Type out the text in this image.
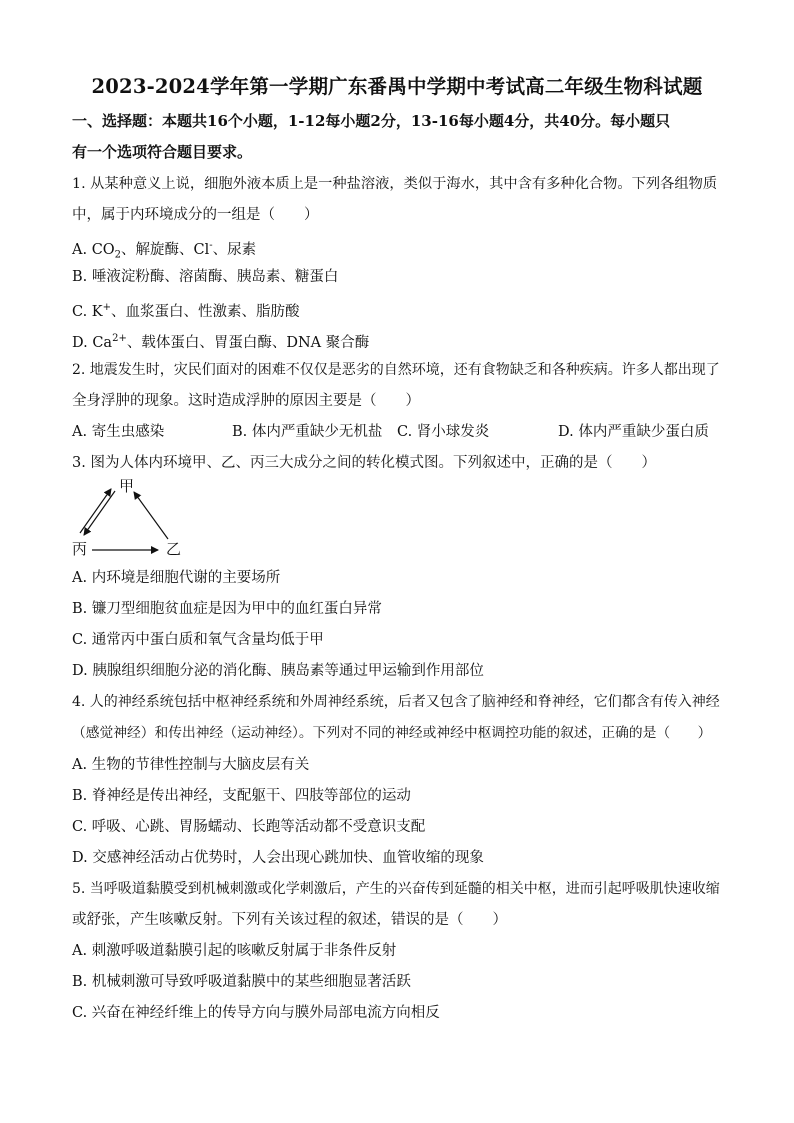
2023-2024学年第一学期广东番禺中学期中考试高二年级生物科试题
一、选择题：本题共16个小题，1-12每小题2分，13-16每小题4分，共40分。每小题只
有一个选项符合题目要求。
1. 从某种意义上说，细胞外液本质上是一种盐溶液，类似于海水，其中含有多种化合物。下列各组物质
中，属于内环境成分的一组是（　　）
A. $CO_2$、解旋酶、Cl-、尿素
B. 唾液淀粉酶、溶菌酶、胰岛素、糖蛋白
C. K+、血浆蛋白、性激素、脂肪酸
D. $Ca^{2+}$、载体蛋白、胃蛋白酶、DNA 聚合酶
2. 地震发生时，灾民们面对的困难不仅仅是恶劣的自然环境，还有食物缺乏和各种疾病。许多人都出现了
全身浮肿的现象。这时造成浮肿的原因主要是（　　）
A. 寄生虫感染	B. 体内严重缺少无机盐 C. 肾小球发炎	D. 体内严重缺少蛋白质
3. 图为人体内环境甲、乙、丙三大成分之间的转化模式图。下列叙述中，正确的是（　　）
甲
丙	乙
A. 内环境是细胞代谢的主要场所
B. 镰刀型细胞贫血症是因为甲中的血红蛋白异常
C. 通常丙中蛋白质和氧气含量均低于甲
D. 胰腺组织细胞分泌的消化酶、胰岛素等通过甲运输到作用部位
4. 人的神经系统包括中枢神经系统和外周神经系统，后者又包含了脑神经和脊神经，它们都含有传入神经
（感觉神经）和传出神经（运动神经）。下列对不同的神经或神经中枢调控功能的叙述，正确的是（　　）
A. 生物的节律性控制与大脑皮层有关
B. 脊神经是传出神经，支配躯干、四肢等部位的运动
C. 呼吸、心跳、胃肠蠕动、长跑等活动都不受意识支配
D. 交感神经活动占优势时，人会出现心跳加快、血管收缩的现象
5. 当呼吸道黏膜受到机械刺激或化学刺激后，产生的兴奋传到延髓的相关中枢，进而引起呼吸肌快速收缩
或舒张，产生咳嗽反射。下列有关该过程的叙述，错误的是（　　）
A. 刺激呼吸道黏膜引起的咳嗽反射属于非条件反射
B. 机械刺激可导致呼吸道黏膜中的某些细胞显著活跃
C. 兴奋在神经纤维上的传导方向与膜外局部电流方向相反
